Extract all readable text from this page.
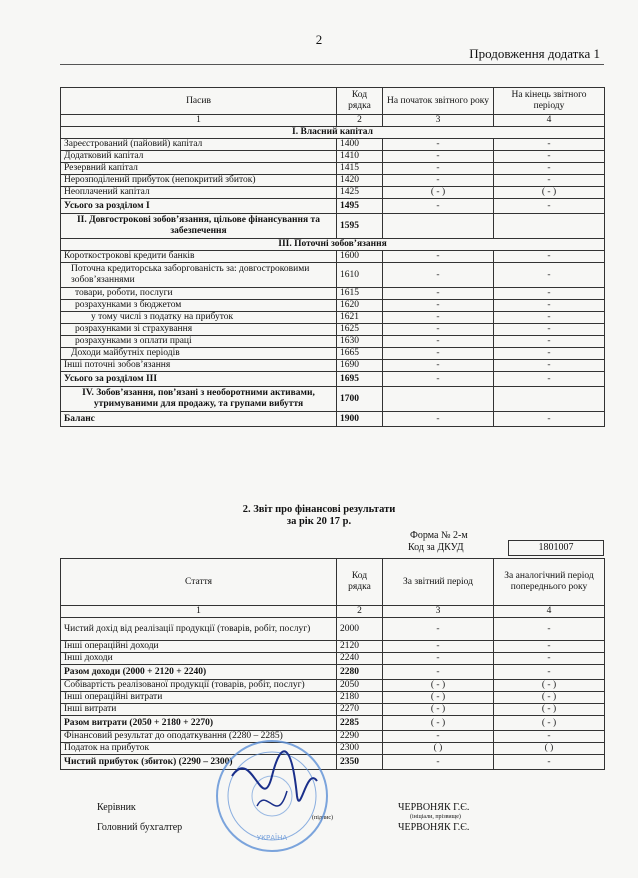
2
Продовження додатка 1
Пасив	Код рядка	На початок звітного року	На кінець звітного періоду
1	2	3	4
І. Власний капітал			
Зареєстрований (пайовий) капітал	1400	-	-
Додатковий капітал	1410	-	-
Резервний капітал	1415	-	-
Нерозподілений прибуток (непокритий збиток)	1420	-	-
Неоплачений капітал	1425	( - )	( - )
Усього за розділом І	1495	-	-
ІІ. Довгострокові зобов’язання, цільове фінансування та забезпечення	1595		
ІІІ. Поточні зобов’язання			
Короткострокові кредити банків	1600	-	-
Поточна кредиторська заборгованість за: довгостроковими зобов’язаннями	1610	-	-
товари, роботи, послуги	1615	-	-
розрахунками з бюджетом	1620	-	-
у тому числі з податку на прибуток	1621	-	-
розрахунками зі страхування	1625	-	-
розрахунками з оплати праці	1630	-	-
Доходи майбутніх періодів	1665	-	-
Інші поточні зобов’язання	1690	-	-
Усього за розділом ІІІ	1695	-	-
ІV. Зобов’язання, пов’язані з необоротними активами, утримуваними для продажу, та групами вибуття	1700		
Баланс	1900	-	-
2. Звіт про фінансові результати
за рік 20 17 р.
Форма № 2-м
Код за ДКУД	1801007
Стаття	Код рядка	За звітний період	За аналогічний період попереднього року
1	2	3	4
Чистий дохід від реалізації продукції (товарів, робіт, послуг)	2000	-	-
Інші операційні доходи	2120	-	-
Інші доходи	2240	-	-
Разом доходи (2000 + 2120 + 2240)	2280	-	-
Собівартість реалізованої продукції (товарів, робіт, послуг)	2050	( - )	( - )
Інші операційні витрати	2180	( - )	( - )
Інші витрати	2270	( - )	( - )
Разом витрати (2050 + 2180 + 2270)	2285	( - )	( - )
Фінансовий результат до оподаткування (2280 – 2285)	2290	-	-
Податок на прибуток	2300	( )	( )
Чистий прибуток (збиток) (2290 – 2300)	2350	-	-
Керівник
Головний бухгалтер
(підпис)
ЧЕРВОНЯК Г.Є.
(ініціали, прізвище)
ЧЕРВОНЯК Г.Є.
УКРАЇНА
